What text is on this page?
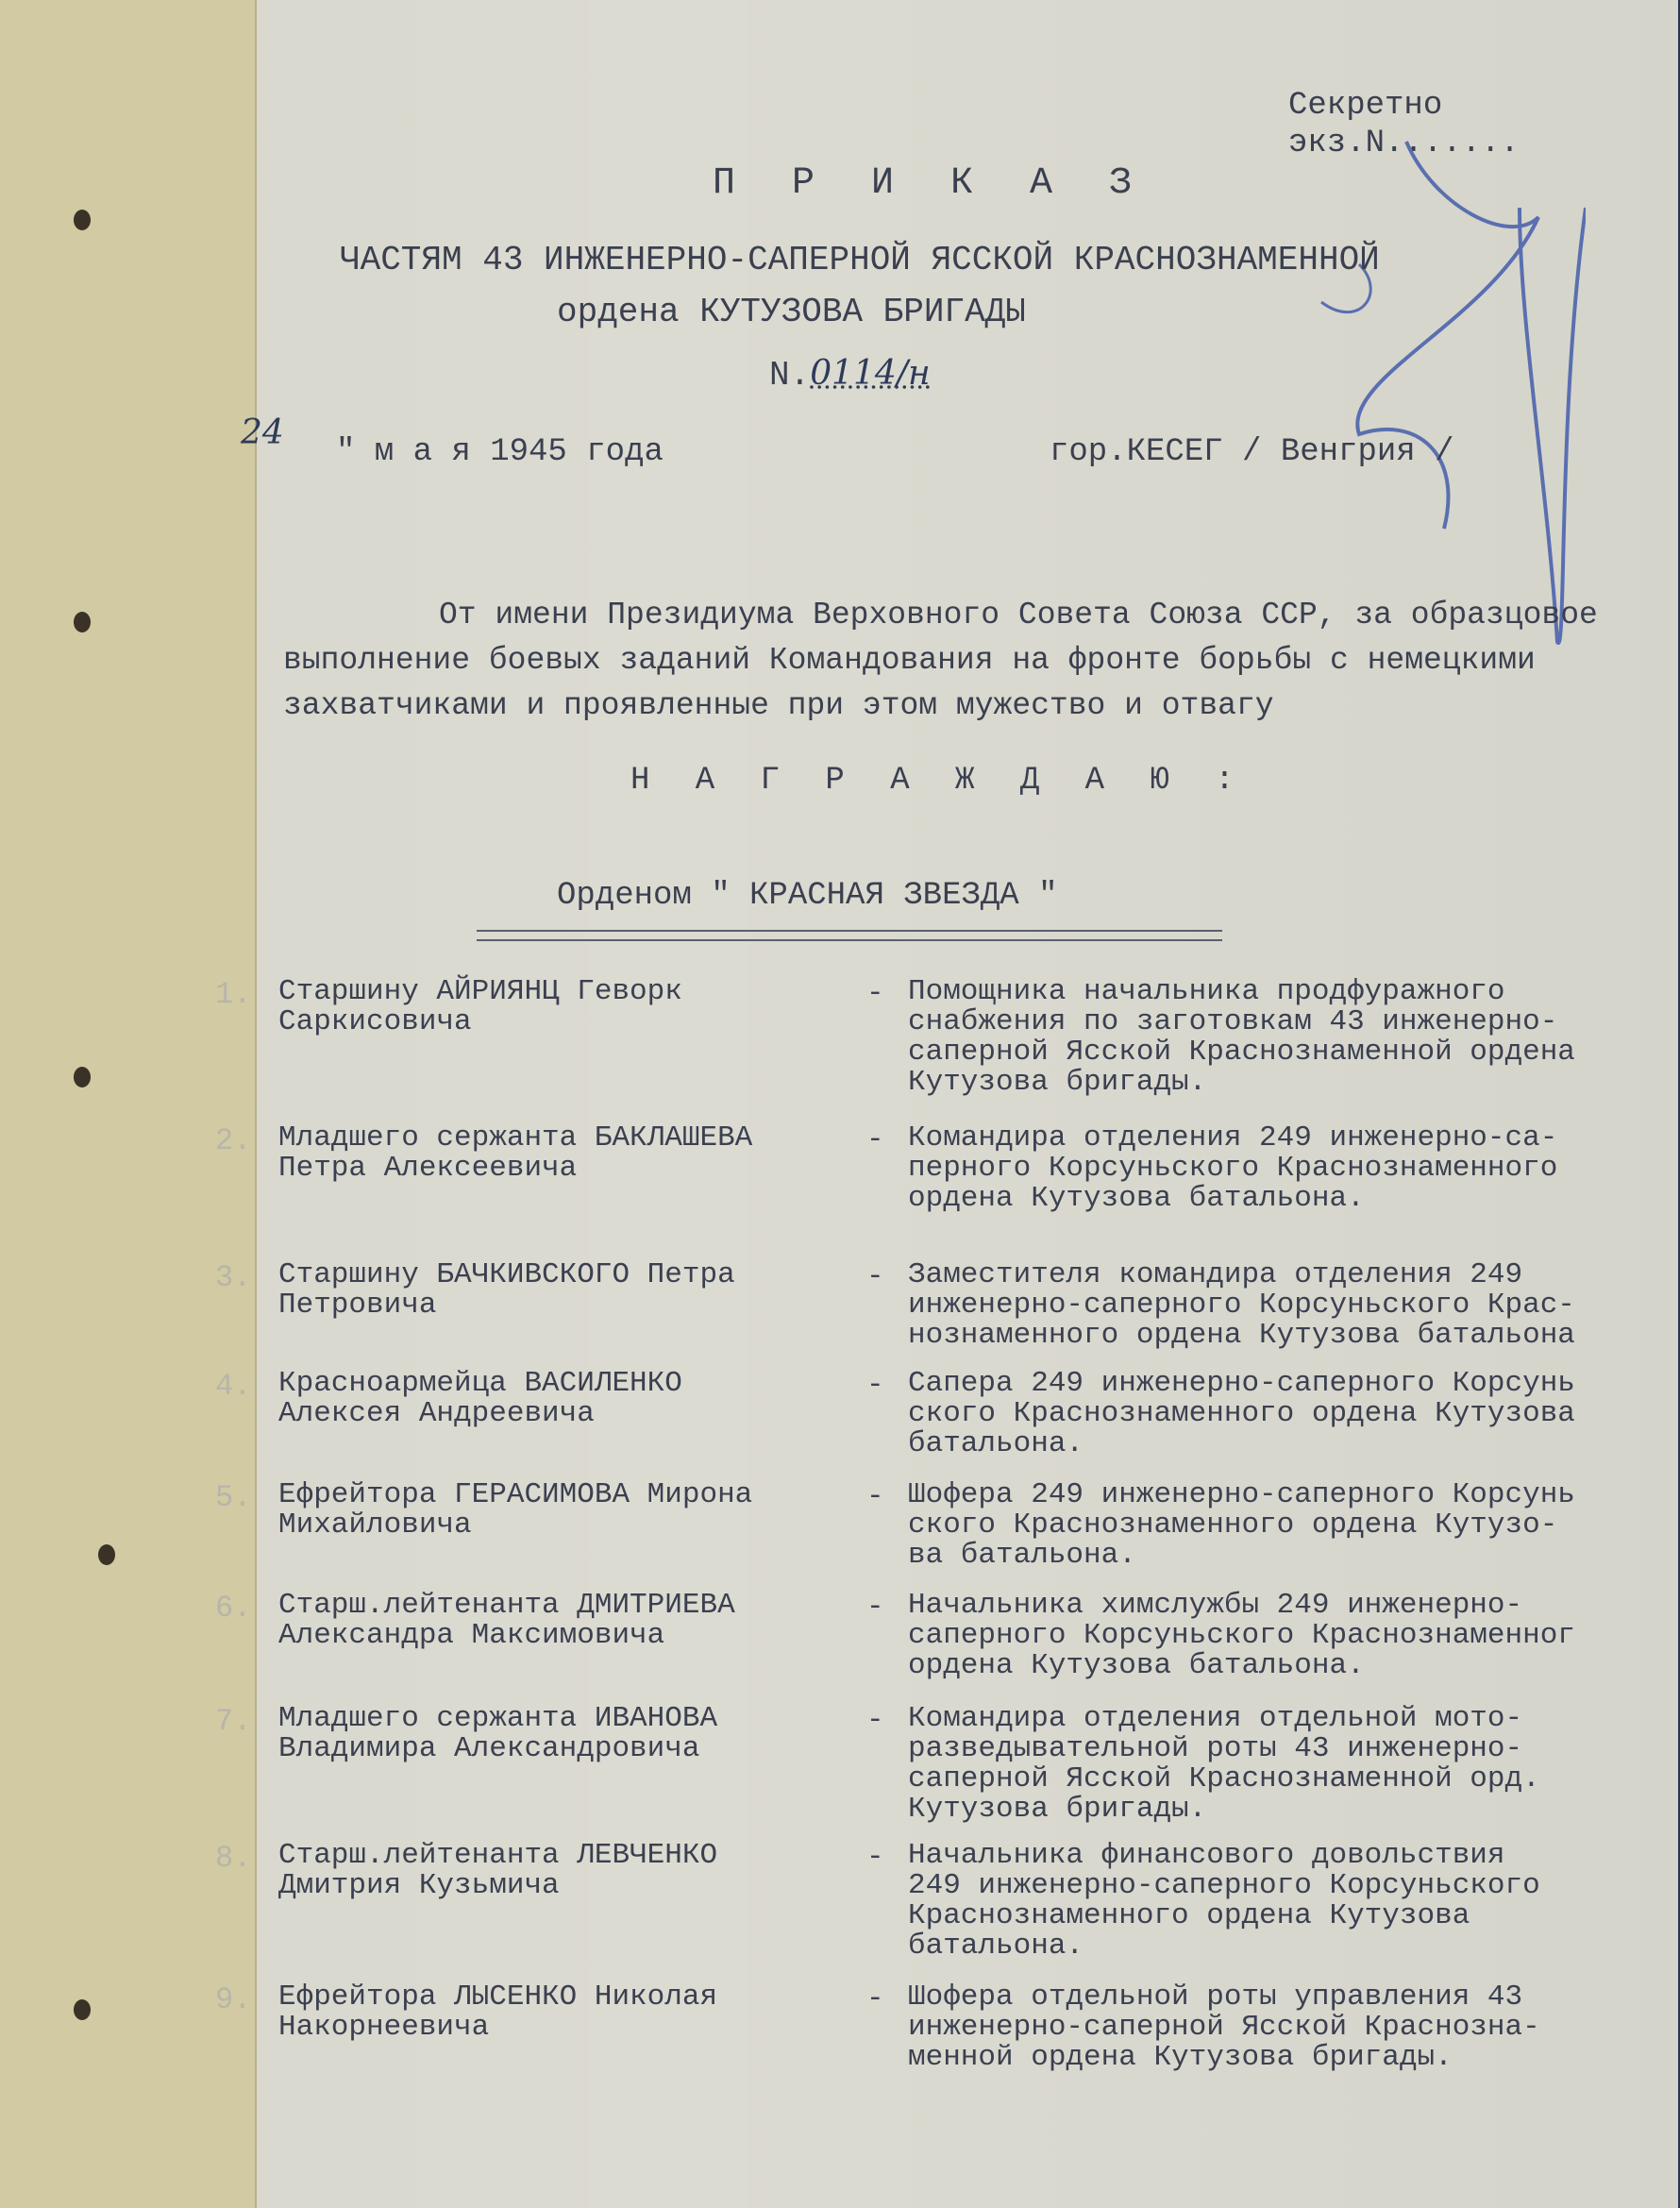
Секретно
экз.N.......
П Р И К А З
ЧАСТЯМ 43 ИНЖЕНЕРНО-САПЕРНОЙ ЯССКОЙ КРАСНОЗНАМЕННОЙ
ордена КУТУЗОВА БРИГАДЫ
N.0114/н
24 " м а я 1945 года	гор.КЕСЕГ / Венгрия /
От имени Президиума Верховного Совета Союза ССР, за образцовое
выполнение боевых заданий Командования на фронте борьбы с немецкими
захватчиками и проявленные при этом мужество и отвагу
Н А Г Р А Ж Д А Ю :
Орденом " КРАСНАЯ ЗВЕЗДА "
1. Старшину АЙРИЯНЦ Геворк
Саркисовича
- Помощника начальника продфуражного
снабжения по заготовкам 43 инженерно-
саперной Ясской Краснознаменной ордена
Кутузова бригады.
2. Младшего сержанта БАКЛАШЕВА
Петра Алексеевича
- Командира отделения 249 инженерно-са-
перного Корсуньского Краснознаменного
ордена Кутузова батальона.
3. Старшину БАЧКИВСКОГО Петра
Петровича
- Заместителя командира отделения 249
инженерно-саперного Корсуньского Крас-
нознаменного ордена Кутузова батальона
4. Красноармейца ВАСИЛЕНКО
Алексея Андреевича
- Сапера 249 инженерно-саперного Корсунь
ского Краснознаменного ордена Кутузова
батальона.
5. Ефрейтора ГЕРАСИМОВА Мирона
Михайловича
- Шофера 249 инженерно-саперного Корсунь
ского Краснознаменного ордена Кутузо-
ва батальона.
6. Старш.лейтенанта ДМИТРИЕВА
Александра Максимовича
- Начальника химслужбы 249 инженерно-
саперного Корсуньского Краснознаменног
ордена Кутузова батальона.
7. Младшего сержанта ИВАНОВА
Владимира Александровича
- Командира отделения отдельной мото-
разведывательной роты 43 инженерно-
саперной Ясской Краснознаменной орд.
Кутузова бригады.
8. Старш.лейтенанта ЛЕВЧЕНКО
Дмитрия Кузьмича
- Начальника финансового довольствия
249 инженерно-саперного Корсуньского
Краснознаменного ордена Кутузова
батальона.
9. Ефрейтора ЛЫСЕНКО Николая
Накорнеевича
- Шофера отдельной роты управления 43
инженерно-саперной Ясской Краснозна-
менной ордена Кутузова бригады.
